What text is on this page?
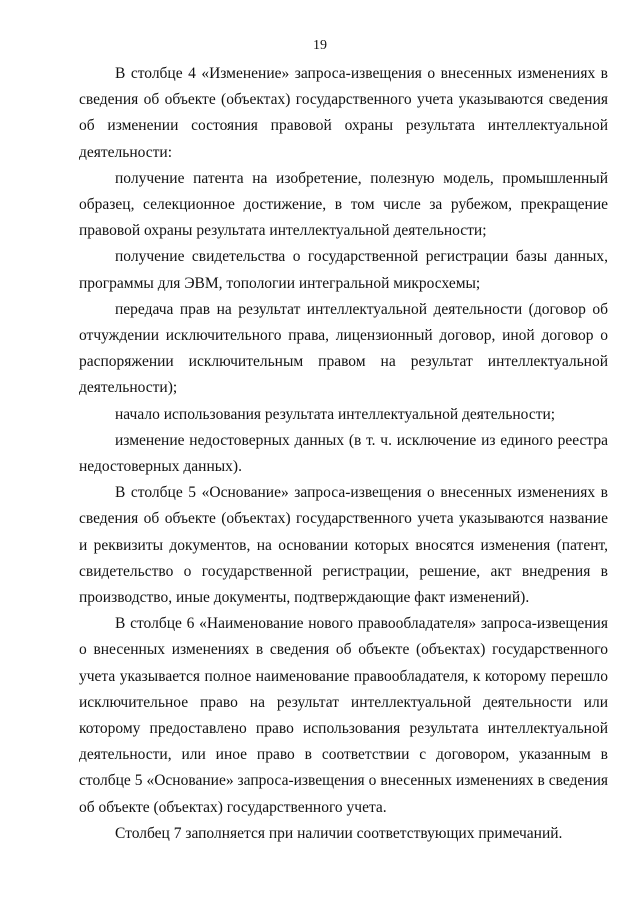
19

В столбце 4 «Изменение» запроса-извещения о внесенных изменениях в сведения об объекте (объектах) государственного учета указываются сведения об изменении состояния правовой охраны результата интеллектуальной деятельности:

получение патента на изобретение, полезную модель, промышленный образец, селекционное достижение, в том числе за рубежом, прекращение правовой охраны результата интеллектуальной деятельности;

получение свидетельства о государственной регистрации базы данных, программы для ЭВМ, топологии интегральной микросхемы;

передача прав на результат интеллектуальной деятельности (договор об отчуждении исключительного права, лицензионный договор, иной договор о распоряжении исключительным правом на результат интеллектуальной деятельности);

начало использования результата интеллектуальной деятельности;

изменение недостоверных данных (в т. ч. исключение из единого реестра недостоверных данных).

В столбце 5 «Основание» запроса-извещения о внесенных изменениях в сведения об объекте (объектах) государственного учета указываются название и реквизиты документов, на основании которых вносятся изменения (патент, свидетельство о государственной регистрации, решение, акт внедрения в производство, иные документы, подтверждающие факт изменений).

В столбце 6 «Наименование нового правообладателя» запроса-извещения о внесенных изменениях в сведения об объекте (объектах) государственного учета указывается полное наименование правообладателя, к которому перешло исключительное право на результат интеллектуальной деятельности или которому предоставлено право использования результата интеллектуальной деятельности, или иное право в соответствии с договором, указанным в столбце 5 «Основание» запроса-извещения о внесенных изменениях в сведения об объекте (объектах) государственного учета.

Столбец 7 заполняется при наличии соответствующих примечаний.
